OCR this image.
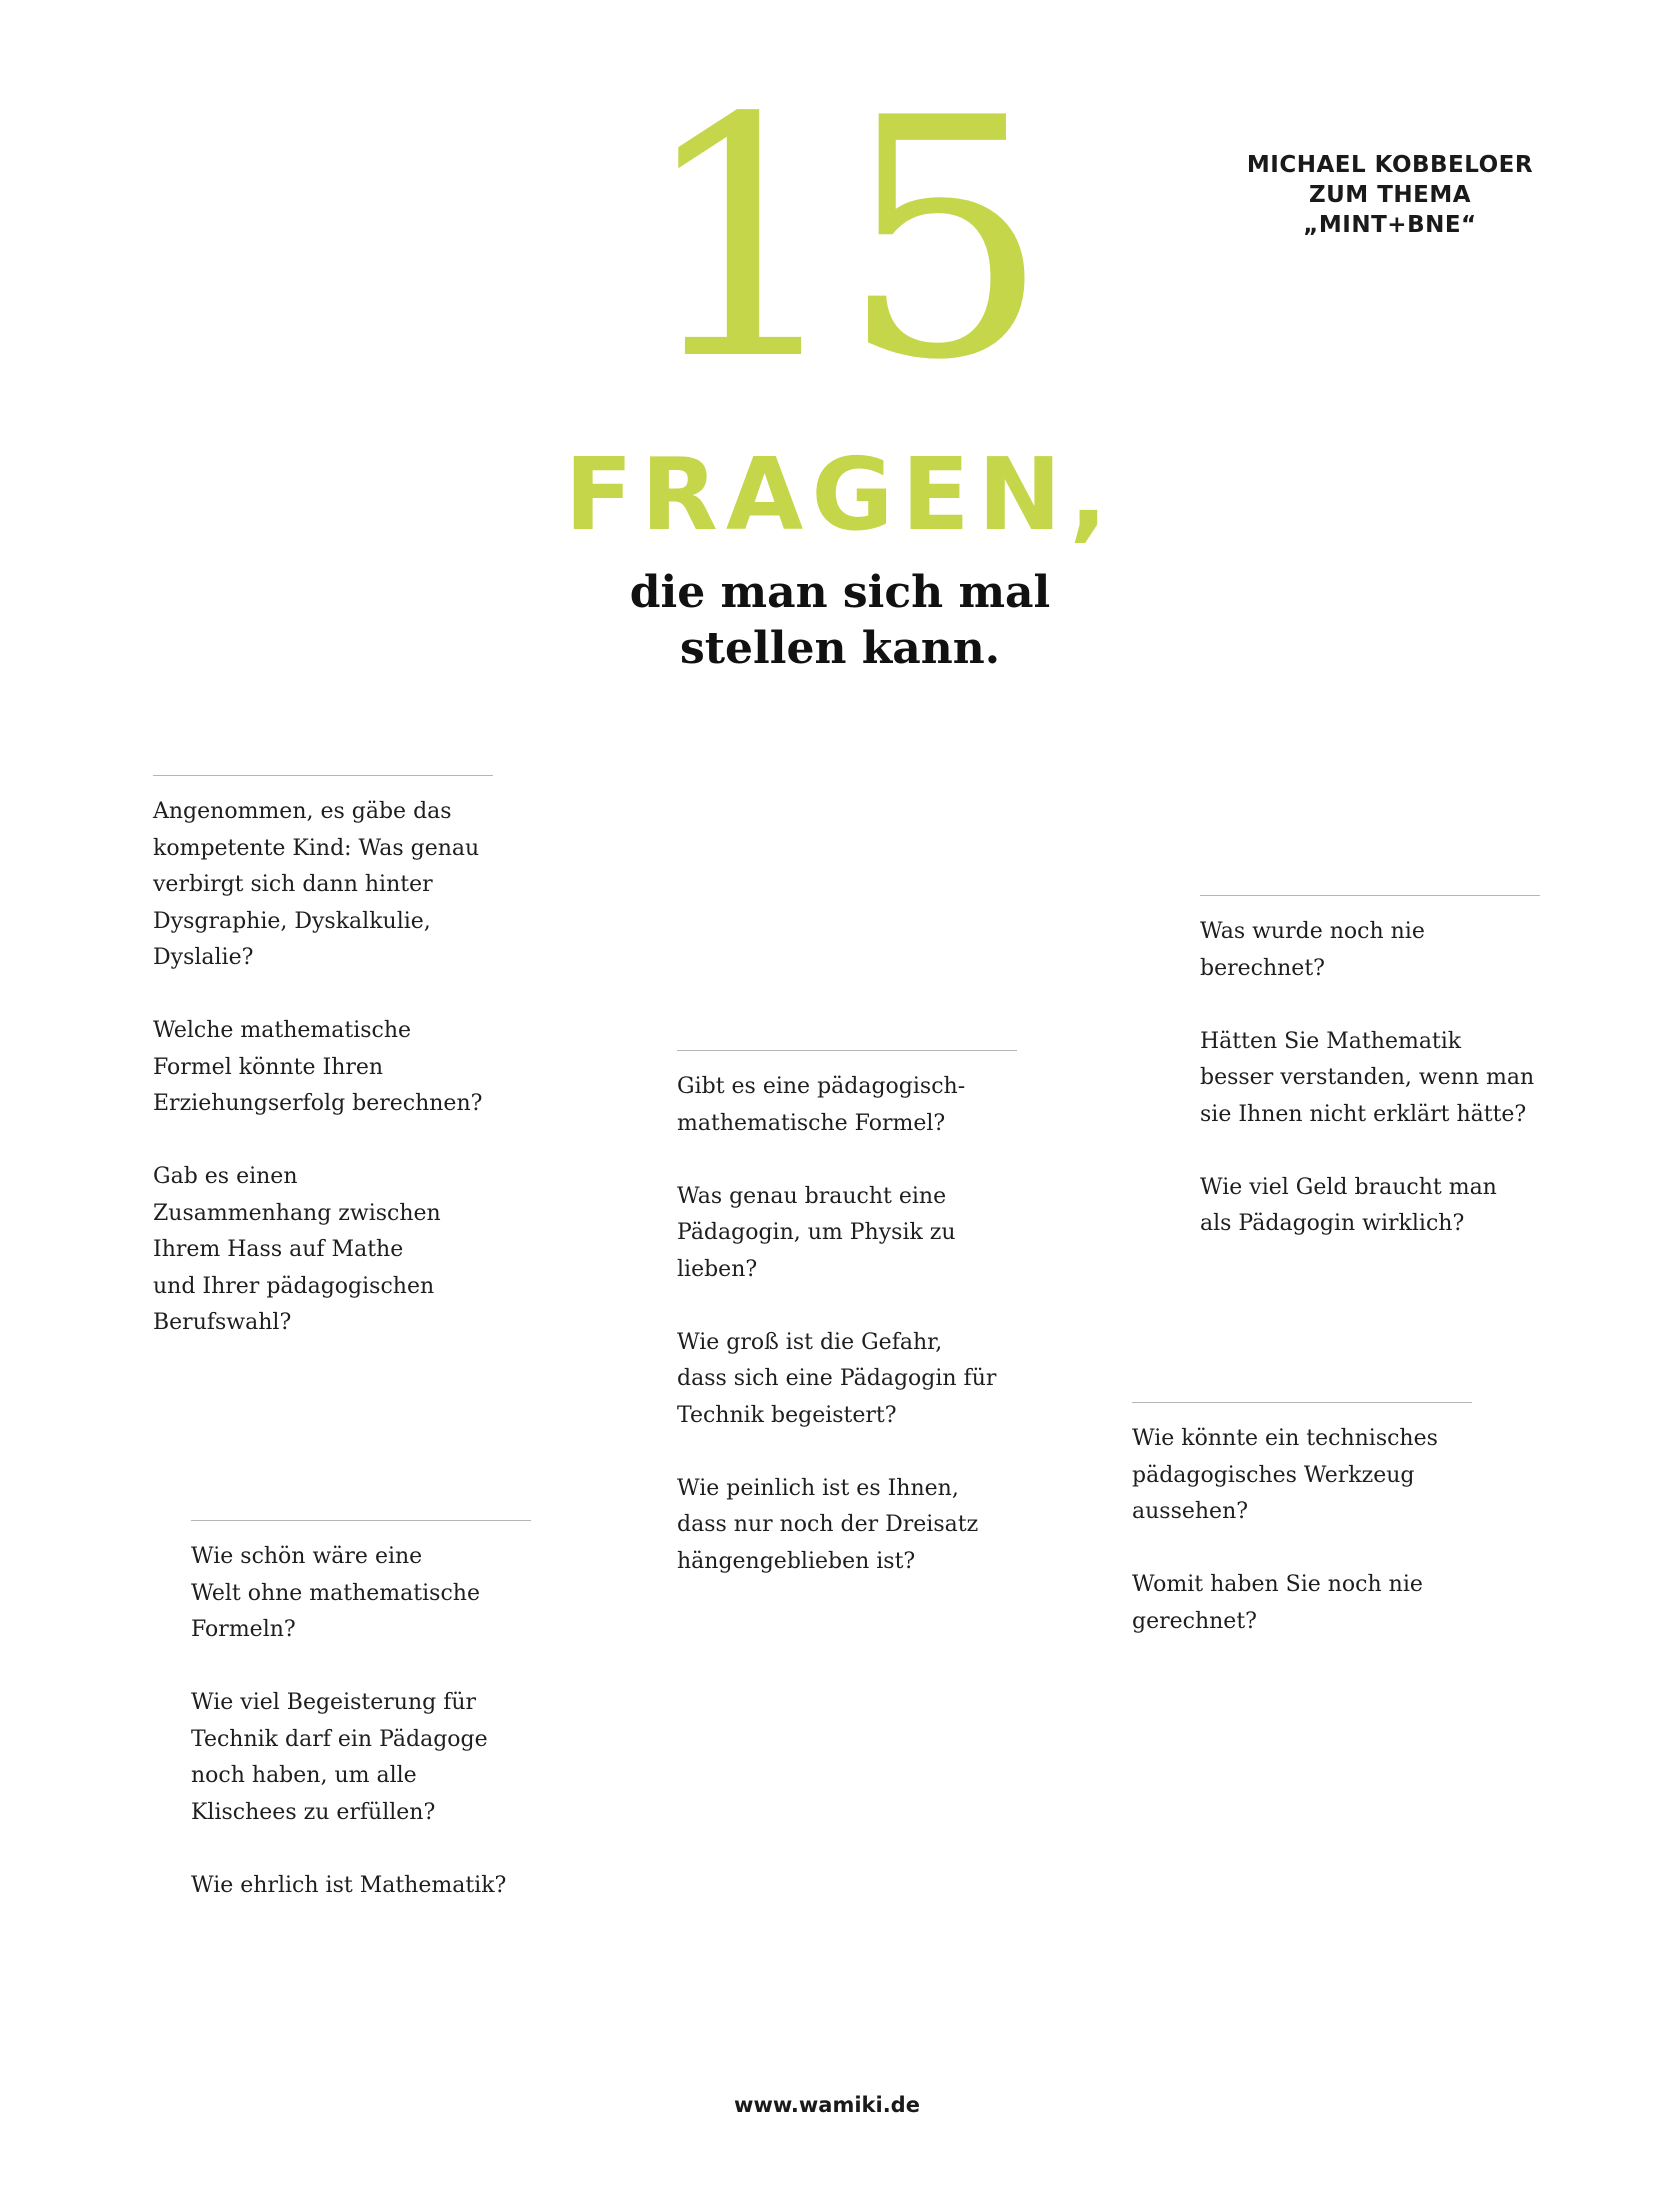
MICHAEL KOBBELOER
ZUM THEMA
„MINT+BNE“
15
FRAGEN,
die man sich mal
stellen kann.
Angenommen, es gäbe das
kompetente Kind: Was genau
verbirgt sich dann hinter
Dysgraphie, Dyskalkulie,
Dyslalie?
Welche mathematische
Formel könnte Ihren
Erziehungserfolg berechnen?
Gab es einen
Zusammenhang zwischen
Ihrem Hass auf Mathe
und Ihrer pädagogischen
Berufswahl?
Wie schön wäre eine
Welt ohne mathematische
Formeln?
Wie viel Begeisterung für
Technik darf ein Pädagoge
noch haben, um alle
Klischees zu erfüllen?
Wie ehrlich ist Mathematik?
Gibt es eine pädagogisch-
mathematische Formel?
Was genau braucht eine
Pädagogin, um Physik zu
lieben?
Wie groß ist die Gefahr,
dass sich eine Pädagogin für
Technik begeistert?
Wie peinlich ist es Ihnen,
dass nur noch der Dreisatz
hängengeblieben ist?
Was wurde noch nie
berechnet?
Hätten Sie Mathematik
besser verstanden, wenn man
sie Ihnen nicht erklärt hätte?
Wie viel Geld braucht man
als Pädagogin wirklich?
Wie könnte ein technisches
pädagogisches Werkzeug
aussehen?
Womit haben Sie noch nie
gerechnet?
www.wamiki.de
